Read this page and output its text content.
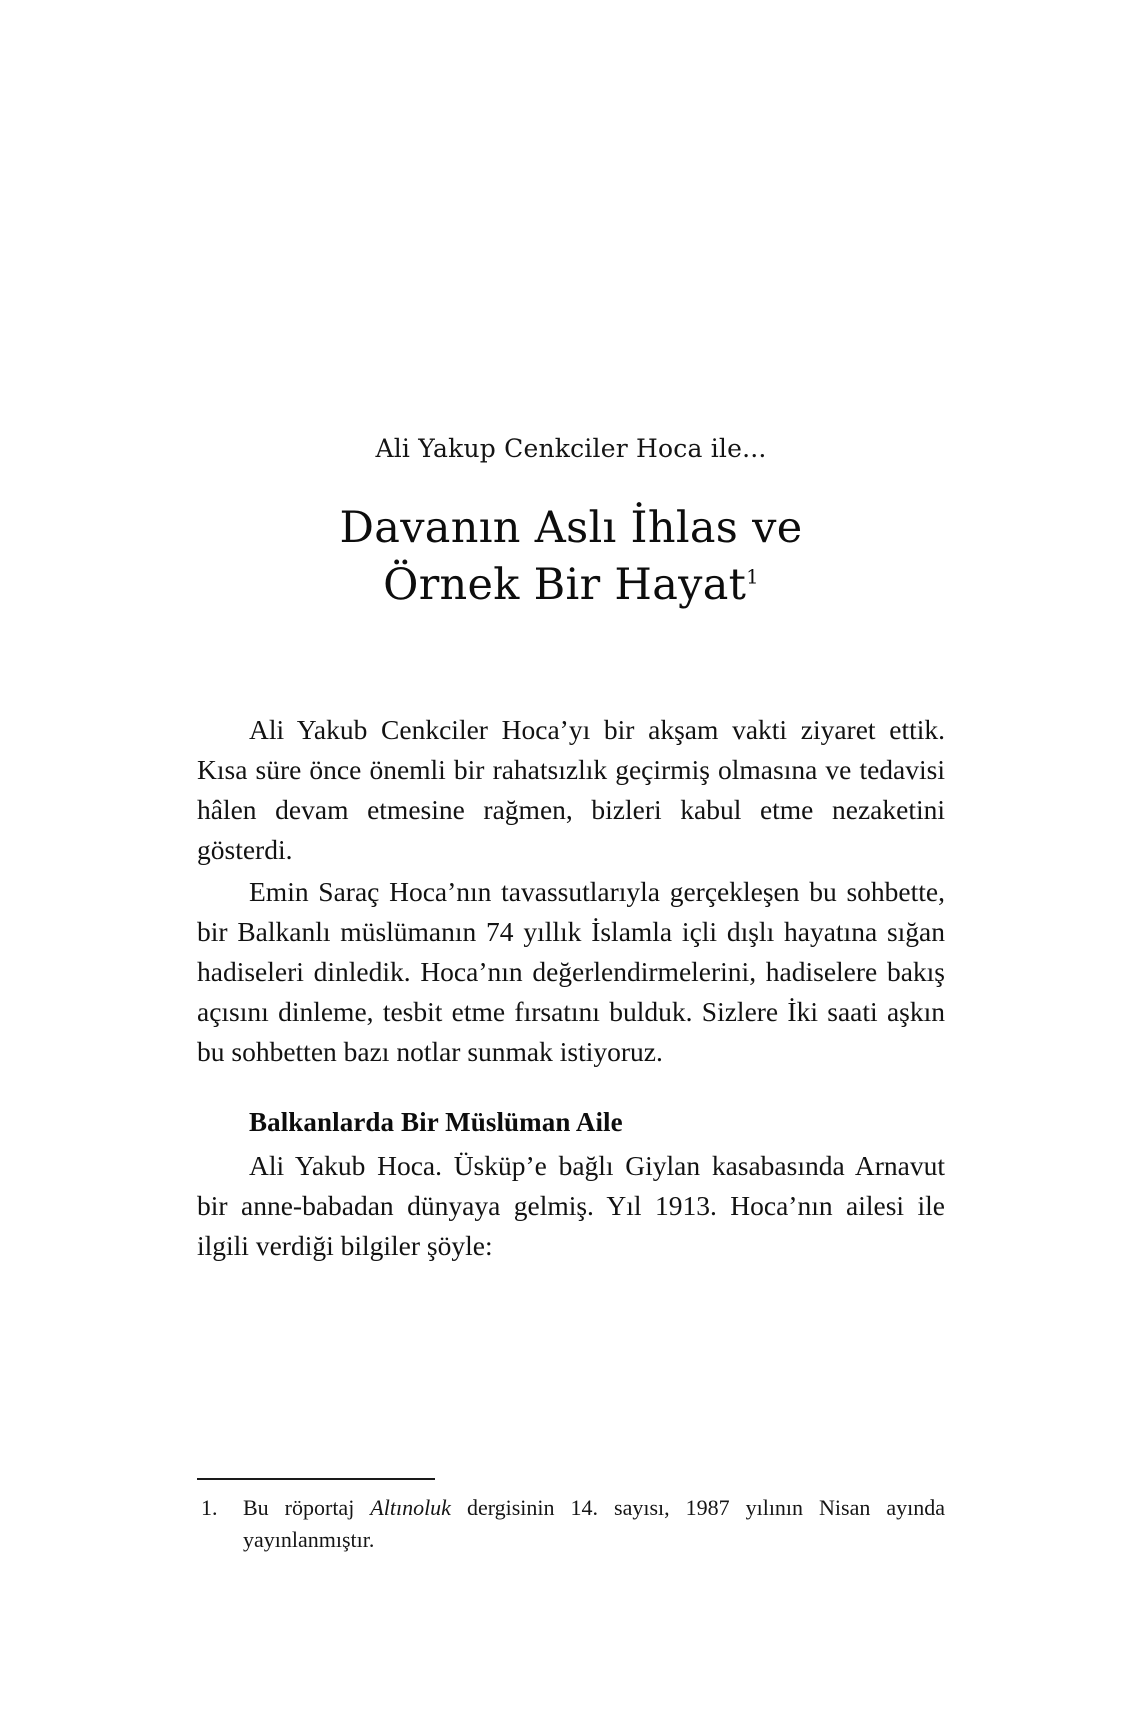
Ali Yakup Cenkciler Hoca ile...
Davanın Aslı İhlas ve
Örnek Bir Hayat$^1$

Ali Yakub Cenkciler Hoca’yı bir akşam vakti ziyaret ettik. Kısa süre önce önemli bir rahatsızlık geçirmiş olmasına ve tedavisi hâlen devam etmesine rağmen, bizleri kabul etme nezaketini gösterdi.

Emin Saraç Hoca’nın tavassutlarıyla gerçekleşen bu sohbette, bir Balkanlı müslümanın 74 yıllık İslamla içli dışlı hayatına sığan hadiseleri dinledik. Hoca’nın değerlendirmelerini, hadiselere bakış açısını dinleme, tesbit etme fırsatını bulduk. Sizlere İki saati aşkın bu sohbetten bazı notlar sunmak istiyoruz.

Balkanlarda Bir Müslüman Aile

Ali Yakub Hoca. Üsküp’e bağlı Giylan kasabasında Arnavut bir anne-babadan dünyaya gelmiş. Yıl 1913. Hoca’nın ailesi ile ilgili verdiği bilgiler şöyle:

1.	Bu röportaj Altınoluk dergisinin 14. sayısı, 1987 yılının Nisan ayında yayınlanmıştır.
